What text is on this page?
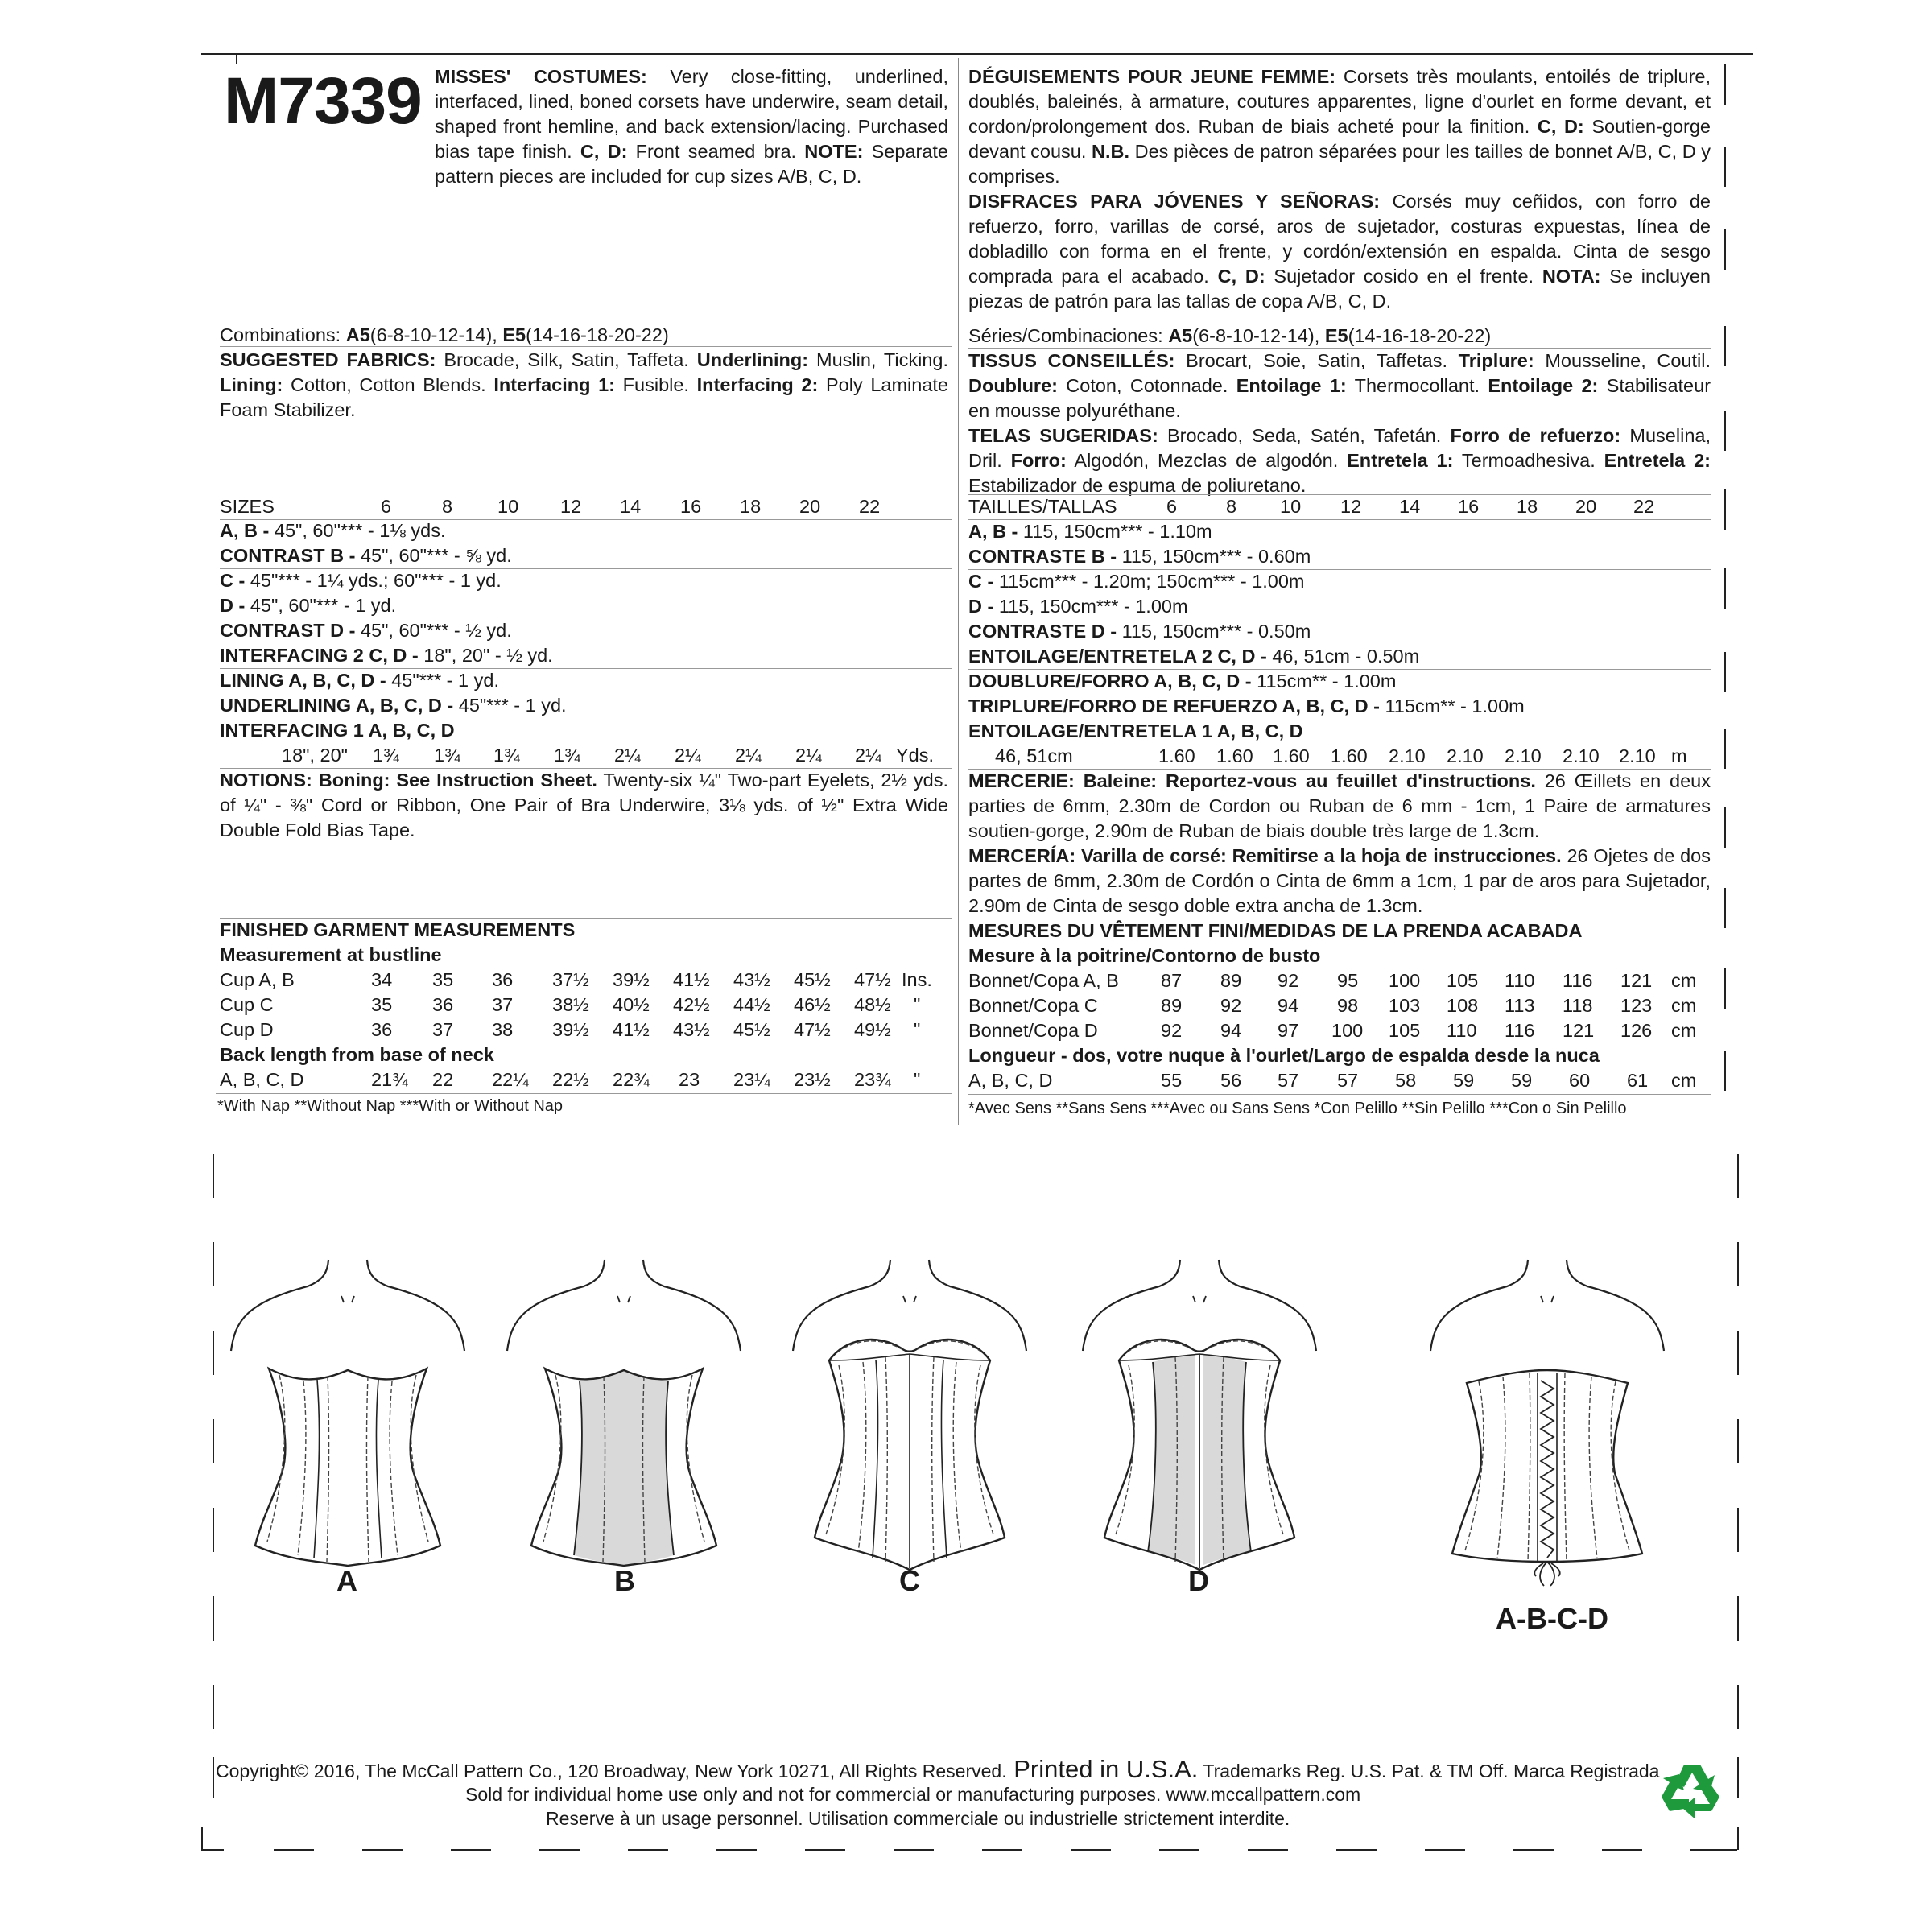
M7339 MISSES' COSTUMES: Very close-fitting, underlined, interfaced, lined, boned corsets have underwire, seam detail, shaped front hemline, and back extension/lacing. Purchased bias tape finish. C, D: Front seamed bra. NOTE: Separate pattern pieces are included for cup sizes A/B, C, D.
DÉGUISEMENTS POUR JEUNE FEMME: Corsets très moulants, entoilés de triplure, doublés, baleinés, à armature, coutures apparentes, ligne d'ourlet en forme devant, et cordon/prolongement dos. Ruban de biais acheté pour la finition. C, D: Soutien-gorge devant cousu. N.B. Des pièces de patron séparées pour les tailles de bonnet A/B, C, D y comprises.
DISFRACES PARA JÓVENES Y SEÑORAS: Corsés muy ceñidos, con forro de refuerzo, forro, varillas de corsé, aros de sujetador, costuras expuestas, línea de dobladillo con forma en el frente, y cordón/extensión en espalda. Cinta de sesgo comprada para el acabado. C, D: Sujetador cosido en el frente. NOTA: Se incluyen piezas de patrón para las tallas de copa A/B, C, D.
Combinations: A5(6-8-10-12-14), E5(14-16-18-20-22)
SUGGESTED FABRICS: Brocade, Silk, Satin, Taffeta. Underlining: Muslin, Ticking. Lining: Cotton, Cotton Blends. Interfacing 1: Fusible. Interfacing 2: Poly Laminate Foam Stabilizer.
Séries/Combinaciones: A5(6-8-10-12-14), E5(14-16-18-20-22)
TISSUS CONSEILLÉS: Brocart, Soie, Satin, Taffetas. Triplure: Mousseline, Coutil. Doublure: Coton, Cotonnade. Entoilage 1: Thermocollant. Entoilage 2: Stabilisateur en mousse polyuréthane.
TELAS SUGERIDAS: Brocado, Seda, Satén, Tafetán. Forro de refuerzo: Muselina, Dril. Forro: Algodón, Mezclas de algodón. Entretela 1: Termoadhesiva. Entretela 2: Estabilizador de espuma de poliuretano.
SIZES	6	8 10 12 14 16 18 20 22
A, B - 45", 60"*** - 1⅛ yds.
CONTRAST B - 45", 60"*** - ⅝ yd.
C - 45"*** - 1¼ yds.; 60"*** - 1 yd.
D - 45", 60"*** - 1 yd.
CONTRAST D - 45", 60"*** - ½ yd.
INTERFACING 2 C, D - 18", 20" - ½ yd.
LINING A, B, C, D - 45"*** - 1 yd.
UNDERLINING A, B, C, D - 45"*** - 1 yd.
INTERFACING 1 A, B, C, D
18", 20" 1¾ 1¾ 1¾ 1¾ 2¼ 2¼ 2¼ 2¼ 2¼ Yds.
NOTIONS: Boning: See Instruction Sheet. Twenty-six ¼" Two-part Eyelets, 2½ yds. of ¼" - ⅜" Cord or Ribbon, One Pair of Bra Underwire, 3⅛ yds. of ½" Extra Wide Double Fold Bias Tape.
TAILLES/TALLAS	6	8 10 12 14 16 18 20 22
A, B - 115, 150cm*** - 1.10m
CONTRASTE B - 115, 150cm*** - 0.60m
C - 115cm*** - 1.20m; 150cm*** - 1.00m
D - 115, 150cm*** - 1.00m
CONTRASTE D - 115, 150cm*** - 0.50m
ENTOILAGE/ENTRETELA 2 C, D - 46, 51cm - 0.50m
DOUBLURE/FORRO A, B, C, D - 115cm** - 1.00m
TRIPLURE/FORRO DE REFUERZO A, B, C, D - 115cm** - 1.00m
ENTOILAGE/ENTRETELA 1 A, B, C, D
46, 51cm	1.60 1.60 1.60 1.60 2.10 2.10 2.10 2.10 2.10 m
MERCERIE: Baleine: Reportez-vous au feuillet d'instructions. 26 Œillets en deux parties de 6mm, 2.30m de Cordon ou Ruban de 6 mm - 1cm, 1 Paire de armatures soutien-gorge, 2.90m de Ruban de biais double très large de 1.3cm.
MERCERÍA: Varilla de corsé: Remitirse a la hoja de instrucciones. 26 Ojetes de dos partes de 6mm, 2.30m de Cordón o Cinta de 6mm a 1cm, 1 par de aros para Sujetador, 2.90m de Cinta de sesgo doble extra ancha de 1.3cm.
FINISHED GARMENT MEASUREMENTS
Measurement at bustline
Cup A, B	34 35 36 37½ 39½ 41½ 43½ 45½ 47½ Ins.
Cup C	35 36 37 38½ 40½ 42½ 44½ 46½ 48½ "
Cup D	36 37 38 39½ 41½ 43½ 45½ 47½ 49½ "
Back length from base of neck
A, B, C, D	21¾ 22 22¼ 22½ 22¾ 23 23¼ 23½ 23¾ "
*With Nap **Without Nap ***With or Without Nap
MESURES DU VÊTEMENT FINI/MEDIDAS DE LA PRENDA ACABADA
Mesure à la poitrine/Contorno de busto
Bonnet/Copa A, B 87 89 92 95 100 105 110 116 121 cm
Bonnet/Copa C	89 92 94 98 103 108 113 118 123 cm
Bonnet/Copa D	92 94 97 100 105 110 116 121 126 cm
Longueur - dos, votre nuque à l'ourlet/Largo de espalda desde la nuca
A, B, C, D	55 56 57 57 58 59 59 60 61 cm
*Avec Sens **Sans Sens ***Avec ou Sans Sens *Con Pelillo **Sin Pelillo ***Con o Sin Pelillo
A	B	C	D
A-B-C-D
Copyright© 2016, The McCall Pattern Co., 120 Broadway, New York 10271, All Rights Reserved. Printed in U.S.A. Trademarks Reg. U.S. Pat. & TM Off. Marca Registrada
Sold for individual home use only and not for commercial or manufacturing purposes. www.mccallpattern.com
Reserve à un usage personnel. Utilisation commerciale ou industrielle strictement interdite.
